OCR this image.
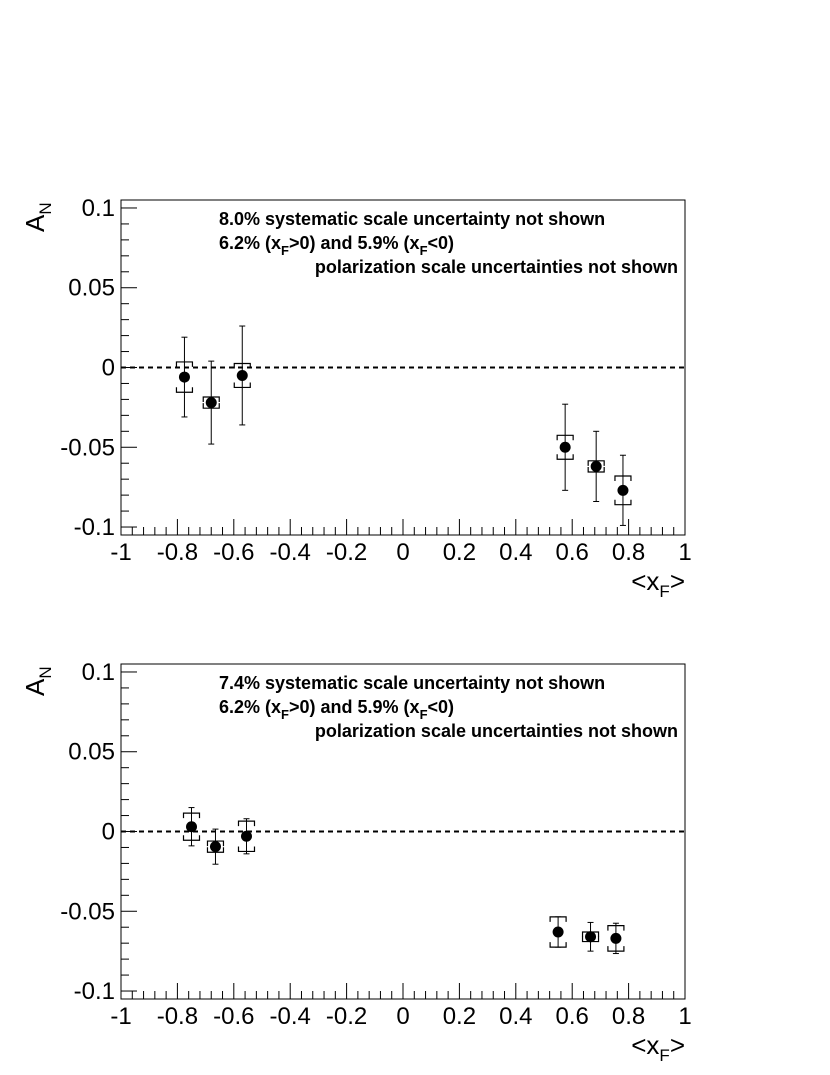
-1 -0.8 -0.6 -0.4 -0.2 0 0.2 0.4 0.6 0.8 1
-0.1
-0.05
0
0.05
0.1
$A_N$
$<x_F>$
8.0% systematic scale uncertainty not shown
6.2% $(x_F>0)$ and 5.9% $(x_F<0)$
polarization scale uncertainties not shown
-1 -0.8 -0.6 -0.4 -0.2 0 0.2 0.4 0.6 0.8 1
-0.1
-0.05
0
0.05
0.1
$A_N$
$<x_F>$
7.4% systematic scale uncertainty not shown
6.2% $(x_F>0)$ and 5.9% $(x_F<0)$
polarization scale uncertainties not shown
